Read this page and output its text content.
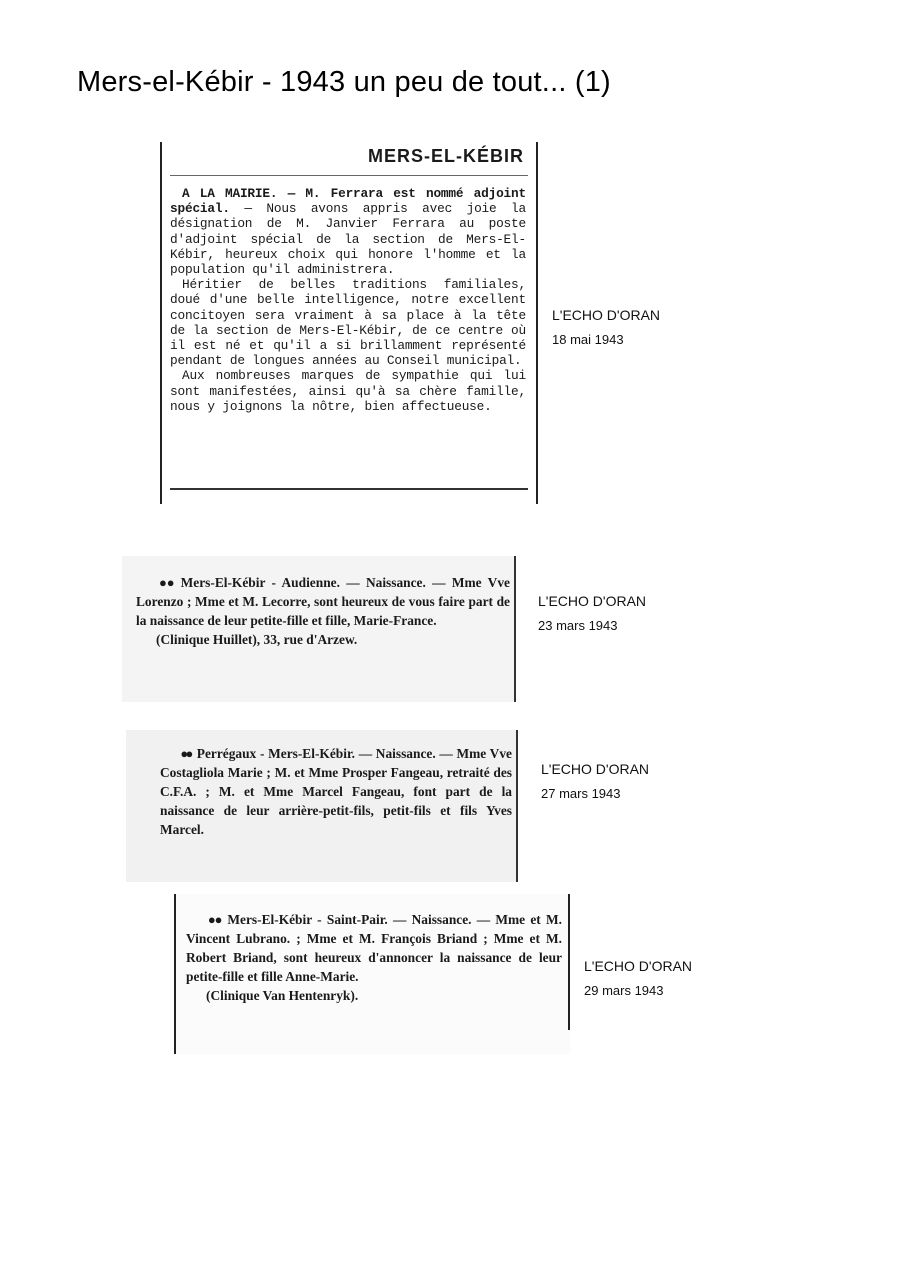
Mers-el-Kébir - 1943 un peu de tout... (1)
MERS-EL-KÉBIR

A LA MAIRIE. — M. Ferrara est nommé adjoint spécial. — Nous avons appris avec joie la désignation de M. Janvier Ferrara au poste d'adjoint spécial de la section de Mers-El-Kébir, heureux choix qui honore l'homme et la population qu'il administrera.

Héritier de belles traditions familiales, doué d'une belle intelligence, notre excellent concitoyen sera vraiment à sa place à la tête de la section de Mers-El-Kébir, de ce centre où il est né et qu'il a si brillamment représenté pendant de longues années au Conseil municipal.

Aux nombreuses marques de sympathie qui lui sont manifestées, ainsi qu'à sa chère famille, nous y joignons la nôtre, bien affectueuse.

L'ECHO D'ORAN
18 mai 1943
●● Mers-El-Kébir - Audienne. — Naissance. — Mme Vve Lorenzo ; Mme et M. Lecorre, sont heureux de vous faire part de la naissance de leur petite-fille et fille, Marie-France.
(Clinique Huillet), 33, rue d'Arzew.
L'ECHO D'ORAN
23 mars 1943
●● Perrégaux - Mers-El-Kébir. — Naissance. — Mme Vve Costagliola Marie ; M. et Mme Prosper Fangeau, retraité des C.F.A. ; M. et Mme Marcel Fangeau, font part de la naissance de leur arrière-petit-fils, petit-fils et fils Yves Marcel.
L'ECHO D'ORAN
27 mars 1943
●● Mers-El-Kébir - Saint-Pair. — Naissance. — Mme et M. Vincent Lubrano. ; Mme et M. François Briand ; Mme et M. Robert Briand, sont heureux d'annoncer la naissance de leur petite-fille et fille Anne-Marie.
(Clinique Van Hentenryk).
L'ECHO D'ORAN
29 mars 1943
